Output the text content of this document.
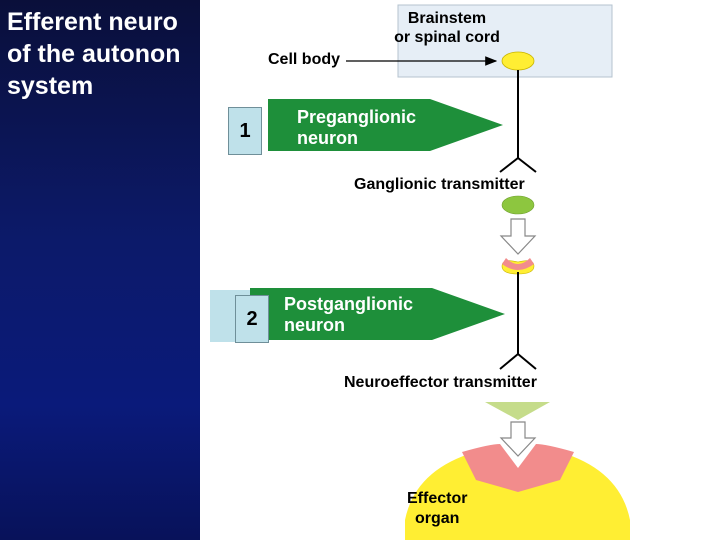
Efferent neuro
of the autonon
system
Brainstem
or spinal cord
Cell body
1
Preganglionic
neuron
Ganglionic transmitter
2
Postganglionic
neuron
Neuroeffector transmitter
Effector
organ
